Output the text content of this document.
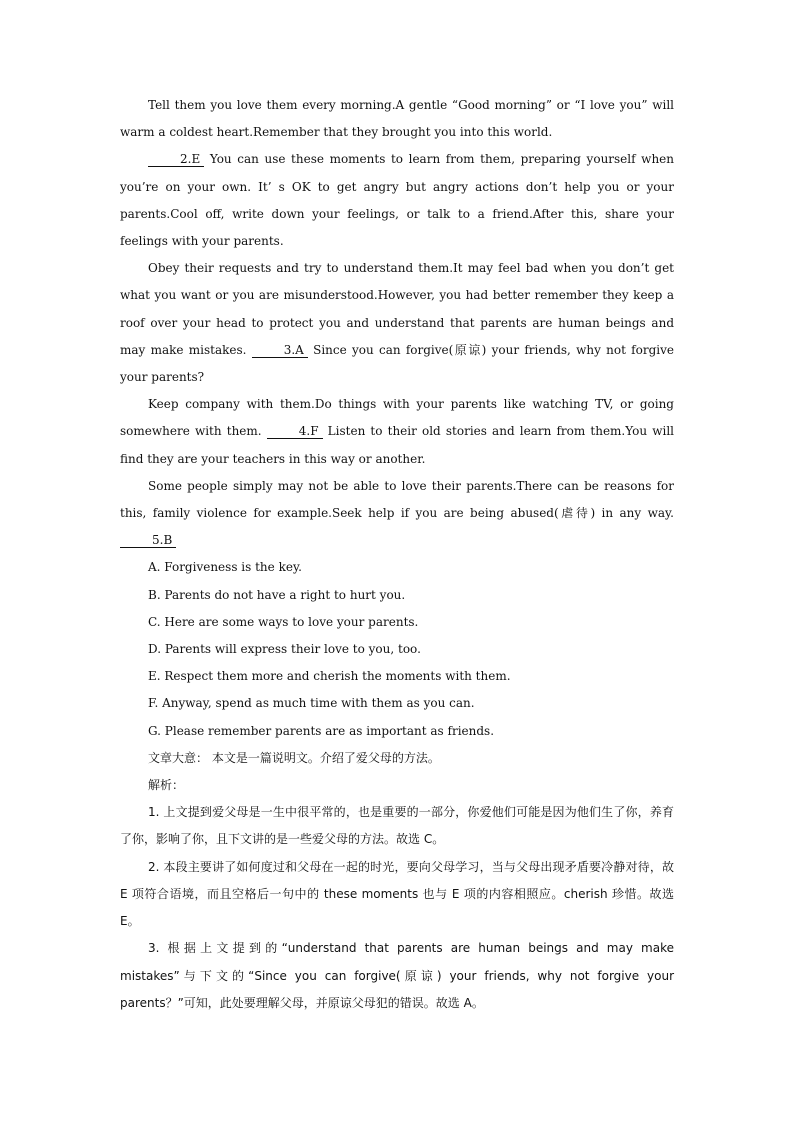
Tell them you love them every morning.A gentle “Good morning” or “I love you” will warm a coldest heart.Remember that they brought you into this world.

2.E You can use these moments to learn from them, preparing yourself when you’re on your own. It’ s OK to get angry but angry actions don’t help you or your parents.Cool off, write down your feelings, or talk to a friend.After this, share your feelings with your parents.

Obey their requests and try to understand them.It may feel bad when you don’t get what you want or you are misunderstood.However, you had better remember they keep a roof over your head to protect you and understand that parents are human beings and may make mistakes.	3.A Since you can forgive(原谅) your friends, why not forgive your parents?

Keep company with them.Do things with your parents like watching TV, or going somewhere with them.	4.F Listen to their old stories and learn from them.You will find they are your teachers in this way or another.

Some people simply may not be able to love their parents.There can be reasons for this, family violence for example.Seek help if you are being abused(虐待) in any way. 5.B

A. Forgiveness is the key.

B. Parents do not have a right to hurt you.

C. Here are some ways to love your parents.

D. Parents will express their love to you, too.

E. Respect them more and cherish the moments with them.

F. Anyway, spend as much time with them as you can.

G. Please remember parents are as important as friends.

文章大意： 本文是一篇说明文。介绍了爱父母的方法。

解析：

1. 上文提到爱父母是一生中很平常的，也是重要的一部分，你爱他们可能是因为他们生了你，养育了你，影响了你，且下文讲的是一些爱父母的方法。故选 C。

2. 本段主要讲了如何度过和父母在一起的时光，要向父母学习，当与父母出现矛盾要冷静对待，故 E 项符合语境，而且空格后一句中的 these moments 也与 E 项的内容相照应。cherish 珍惜。故选 E。

3. 根据上文提到的“understand that parents are human beings and may make mistakes”与下文的“Since you can forgive(原谅) your friends, why not forgive your parents？”可知，此处要理解父母，并原谅父母犯的错误。故选 A。
